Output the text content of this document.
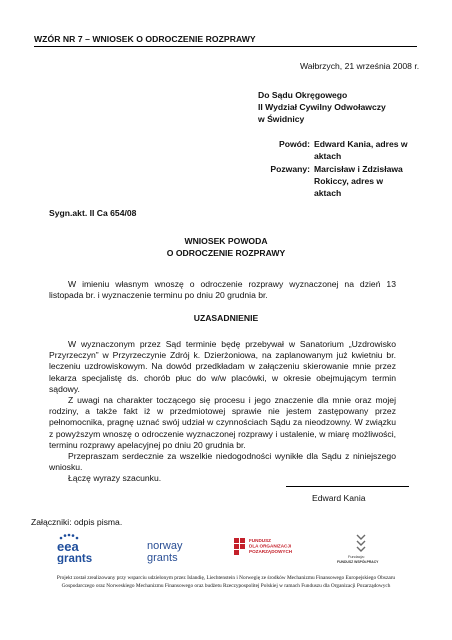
WZÓR NR 7 – WNIOSEK O ODROCZENIE ROZPRAWY
Wałbrzych, 21 września 2008 r.
Do Sądu Okręgowego
II Wydział Cywilny Odwoławczy
w Świdnicy
Powód: Edward Kania, adres w
aktach
Pozwany: Marcisław i Zdzisława
Rokiccy, adres w
aktach
Sygn.akt. II Ca 654/08
WNIOSEK POWODA
O ODROCZENIE ROZPRAWY

W imieniu własnym wnoszę o odroczenie rozprawy wyznaczonej na dzień 13 listopada br. i wyznaczenie terminu po dniu 20 grudnia br.

UZASADNIENIE

W wyznaczonym przez Sąd terminie będę przebywał w Sanatorium „Uzdrowisko Przyrzeczyn” w Przyrzeczynie Zdrój k. Dzierżoniowa, na zaplanowanym już kwietniu br. leczeniu uzdrowiskowym. Na dowód przedkładam w załączeniu skierowanie mnie przez lekarza specjalistę ds. chorób płuc do w/w placówki, w okresie obejmującym termin sądowy.

Z uwagi na charakter toczącego się procesu i jego znaczenie dla mnie oraz mojej rodziny, a także fakt iż w przedmiotowej sprawie nie jestem zastępowany przez pełnomocnika, pragnę uznać swój udział w czynnościach Sądu za nieodzowny. W związku z powyższym wnoszę o odroczenie wyznaczonej rozprawy i ustalenie, w miarę możliwości, terminu rozprawy apelacyjnej po dniu 20 grudnia br.

Przepraszam serdecznie za wszelkie niedogodności wynikłe dla Sądu z niniejszego wniosku.

Łączę wyrazy szacunku.

Edward Kania
Załączniki: odpis pisma.
eea
grants
norway
grants
FUNDUSZ
DLA ORGANIZACJI
POZARZĄDOWYCH
Fundacja:
FUNDUSZ WSPÓŁPRACY
Projekt został zrealizowany przy wsparciu udzielonym przez Islandię, Liechtenstein i Norwegię ze środków Mechanizmu Finansowego Europejskiego Obszaru Gospodarczego oraz Norweskiego Mechanizmu Finansowego oraz budżetu Rzeczypospolitej Polskiej w ramach Funduszu dla Organizacji Pozarządowych
